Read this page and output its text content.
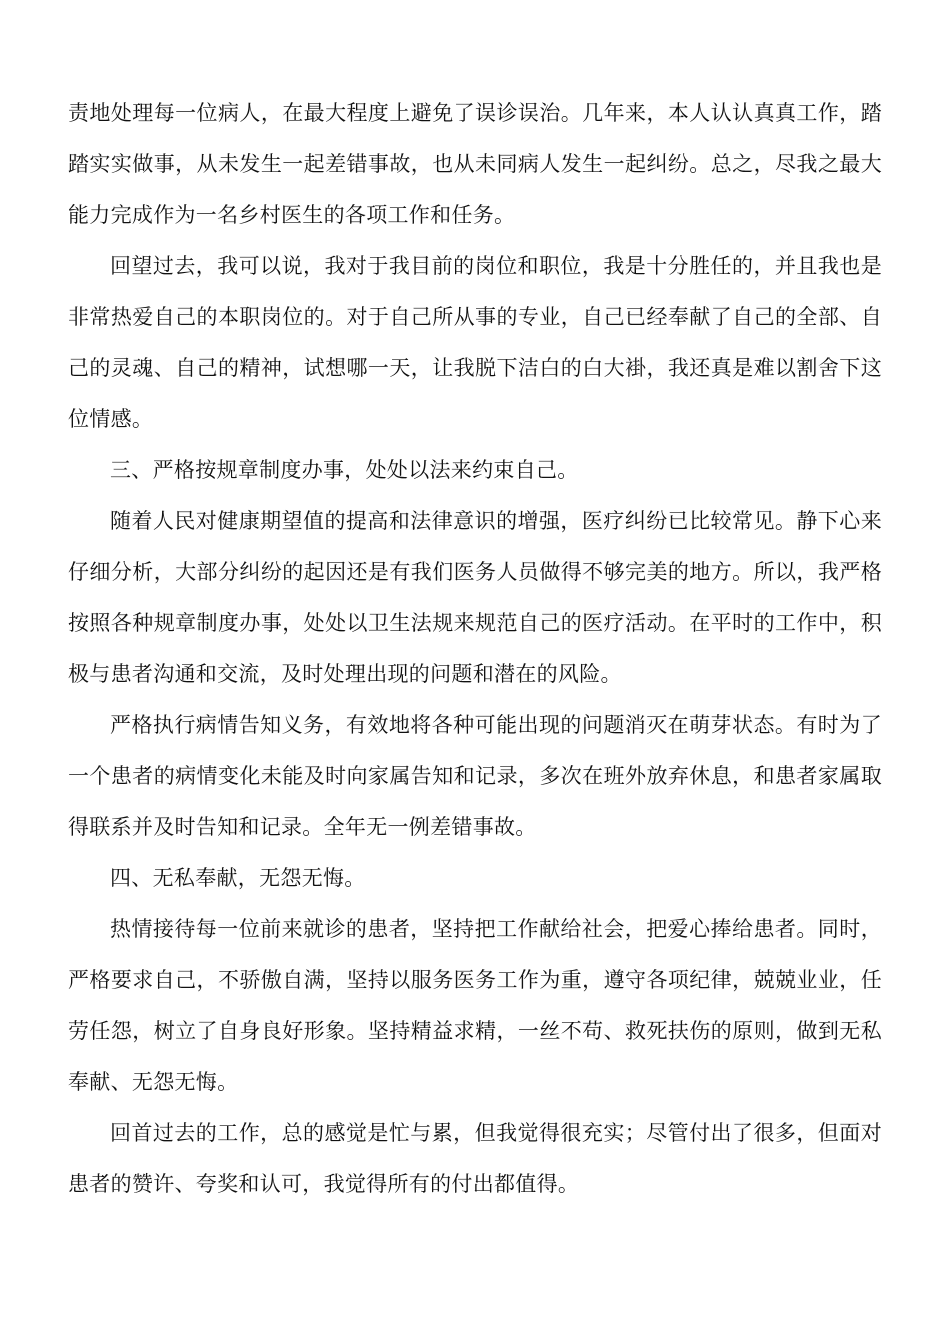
责地处理每一位病人，在最大程度上避免了误诊误治。几年来，本人认认真真工作，踏踏实实做事，从未发生一起差错事故，也从未同病人发生一起纠纷。总之，尽我之最大能力完成作为一名乡村医生的各项工作和任务。

回望过去，我可以说，我对于我目前的岗位和职位，我是十分胜任的，并且我也是非常热爱自己的本职岗位的。对于自己所从事的专业，自己已经奉献了自己的全部、自己的灵魂、自己的精神，试想哪一天，让我脱下洁白的白大褂，我还真是难以割舍下这位情感。

三、严格按规章制度办事，处处以法来约束自己。

随着人民对健康期望值的提高和法律意识的增强，医疗纠纷已比较常见。静下心来仔细分析，大部分纠纷的起因还是有我们医务人员做得不够完美的地方。所以，我严格按照各种规章制度办事，处处以卫生法规来规范自己的医疗活动。在平时的工作中，积极与患者沟通和交流，及时处理出现的问题和潜在的风险。

严格执行病情告知义务，有效地将各种可能出现的问题消灭在萌芽状态。有时为了一个患者的病情变化未能及时向家属告知和记录，多次在班外放弃休息，和患者家属取得联系并及时告知和记录。全年无一例差错事故。

四、无私奉献，无怨无悔。

热情接待每一位前来就诊的患者，坚持把工作献给社会，把爱心捧给患者。同时，严格要求自己，不骄傲自满，坚持以服务医务工作为重，遵守各项纪律，兢兢业业，任劳任怨，树立了自身良好形象。坚持精益求精，一丝不苟、救死扶伤的原则，做到无私奉献、无怨无悔。

回首过去的工作，总的感觉是忙与累，但我觉得很充实；尽管付出了很多，但面对患者的赞许、夸奖和认可，我觉得所有的付出都值得。
